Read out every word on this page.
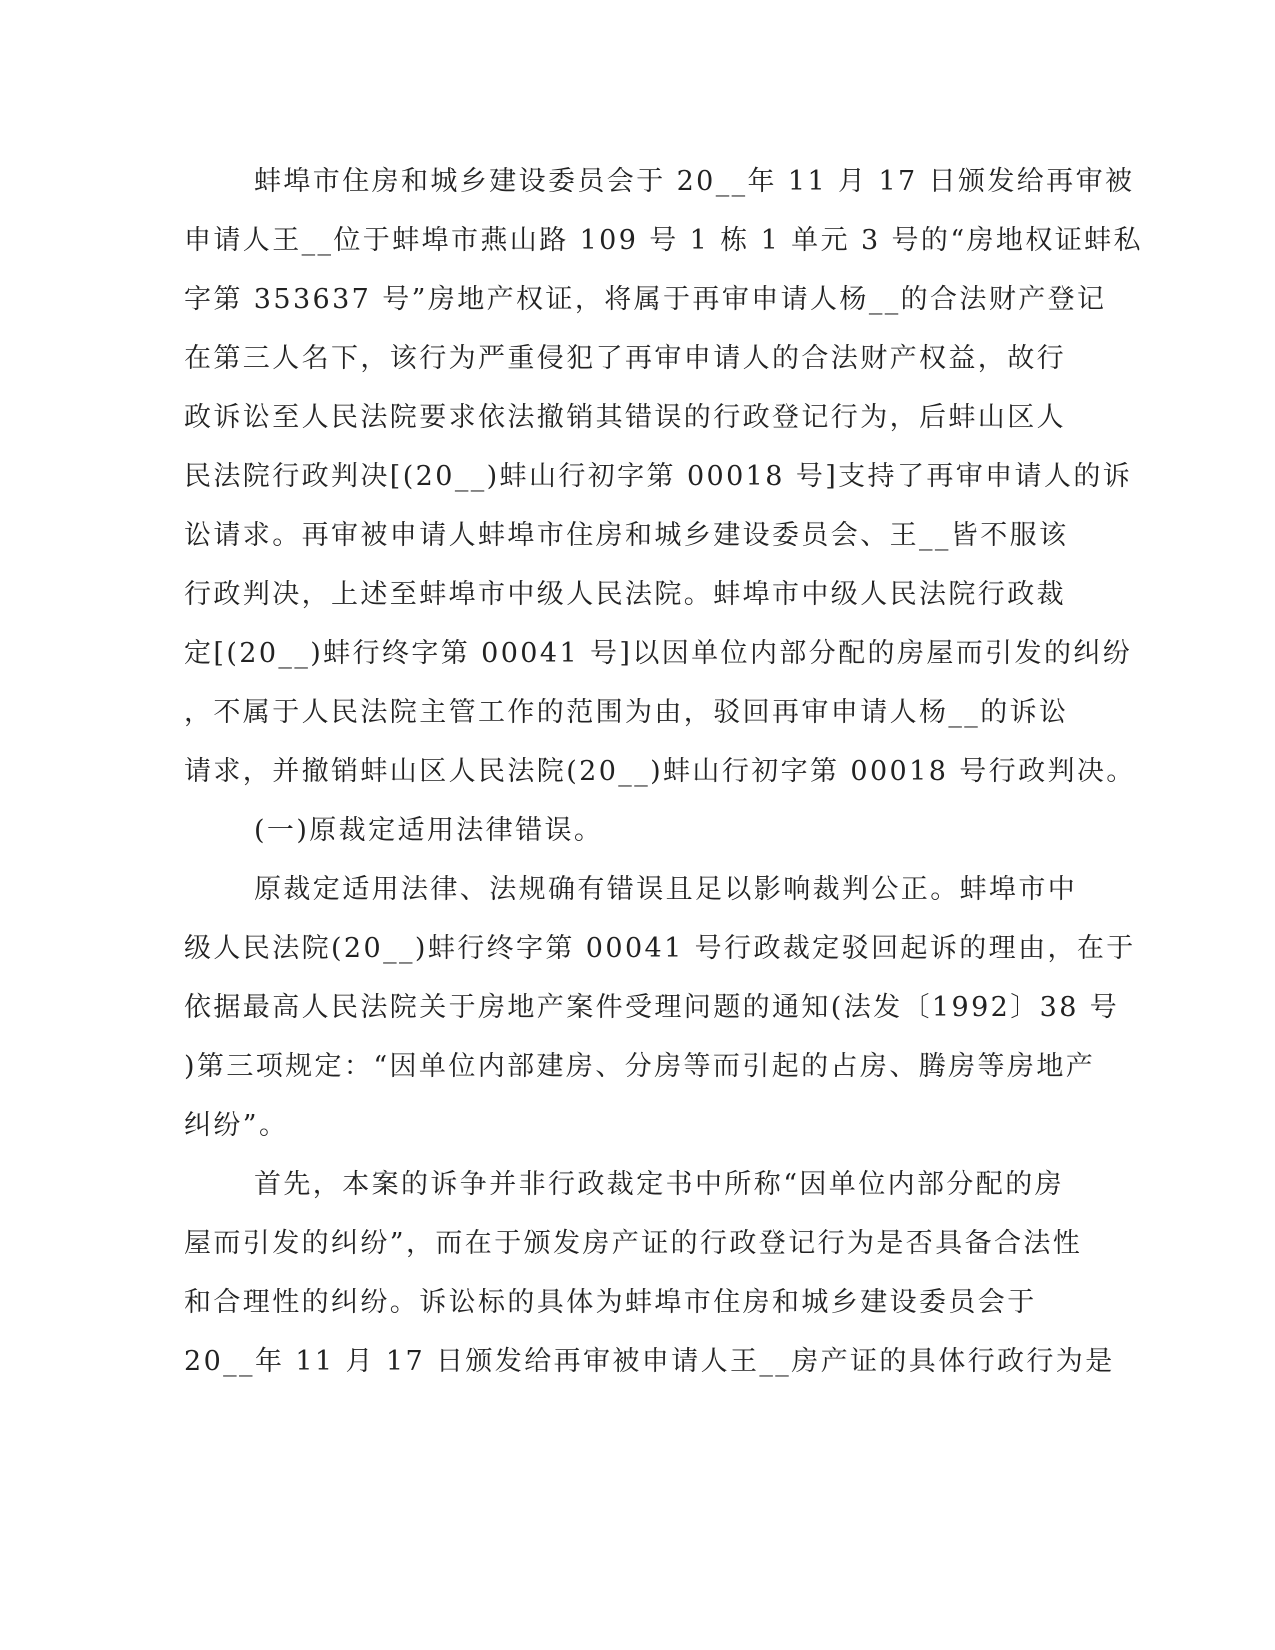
蚌埠市住房和城乡建设委员会于 20__年 11 月 17 日颁发给再审被
申请人王__位于蚌埠市燕山路 109 号 1 栋 1 单元 3 号的“房地权证蚌私
字第 353637 号”房地产权证，将属于再审申请人杨__的合法财产登记
在第三人名下，该行为严重侵犯了再审申请人的合法财产权益，故行
政诉讼至人民法院要求依法撤销其错误的行政登记行为，后蚌山区人
民法院行政判决[(20__)蚌山行初字第 00018 号]支持了再审申请人的诉
讼请求。再审被申请人蚌埠市住房和城乡建设委员会、王__皆不服该
行政判决，上述至蚌埠市中级人民法院。蚌埠市中级人民法院行政裁
定[(20__)蚌行终字第 00041 号]以因单位内部分配的房屋而引发的纠纷
，不属于人民法院主管工作的范围为由，驳回再审申请人杨__的诉讼
请求，并撤销蚌山区人民法院(20__)蚌山行初字第 00018 号行政判决。
(一)原裁定适用法律错误。
原裁定适用法律、法规确有错误且足以影响裁判公正。蚌埠市中
级人民法院(20__)蚌行终字第 00041 号行政裁定驳回起诉的理由，在于
依据最高人民法院关于房地产案件受理问题的通知(法发〔1992〕38 号
)第三项规定：“因单位内部建房、分房等而引起的占房、腾房等房地产
纠纷”。
首先，本案的诉争并非行政裁定书中所称“因单位内部分配的房
屋而引发的纠纷”，而在于颁发房产证的行政登记行为是否具备合法性
和合理性的纠纷。诉讼标的具体为蚌埠市住房和城乡建设委员会于
20__年 11 月 17 日颁发给再审被申请人王__房产证的具体行政行为是
